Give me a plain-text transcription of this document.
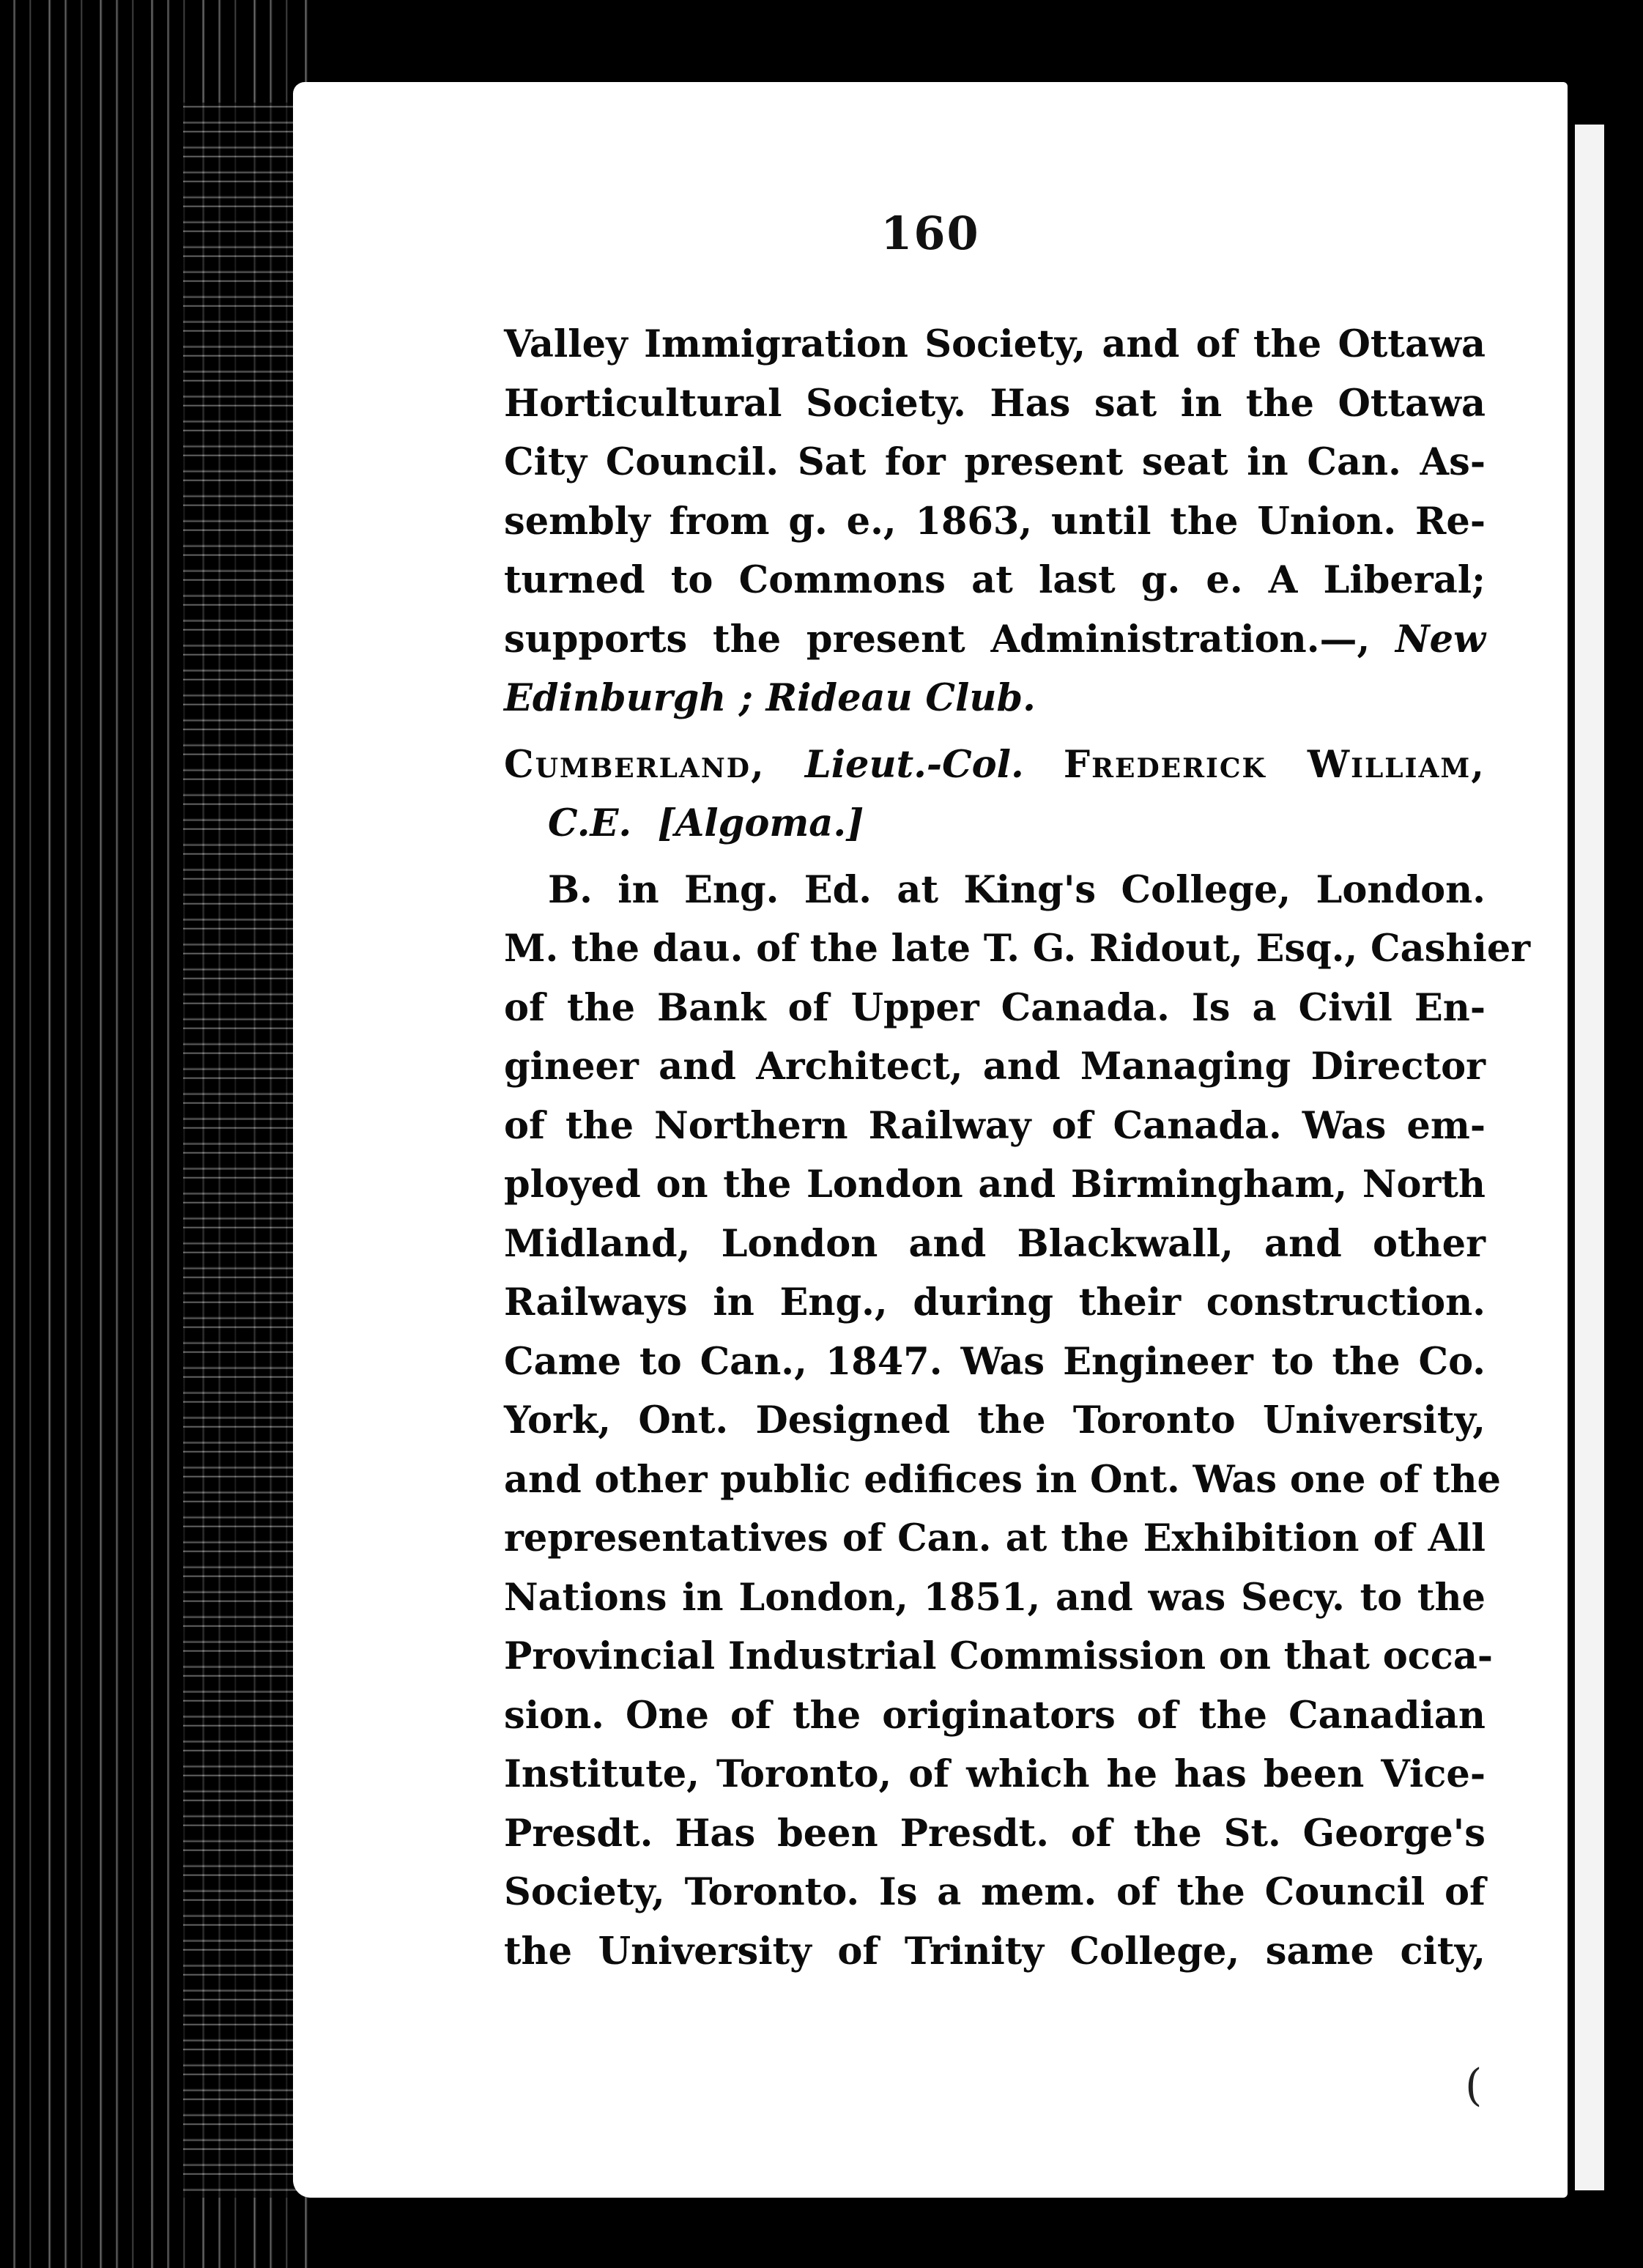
160
Valley Immigration Society, and of the Ottawa
Horticultural Society. Has sat in the Ottawa
City Council. Sat for present seat in Can. As-
sembly from g. e., 1863, until the Union. Re-
turned to Commons at last g. e. A Liberal;
supports the present Administration.—, New
Edinburgh ; Rideau Club.
Cumberland, Lieut.-Col. Frederick William,
C.E. [Algoma.]
B. in Eng. Ed. at King's College, London.
M. the dau. of the late T. G. Ridout, Esq., Cashier
of the Bank of Upper Canada. Is a Civil En-
gineer and Architect, and Managing Director
of the Northern Railway of Canada. Was em-
ployed on the London and Birmingham, North
Midland, London and Blackwall, and other
Railways in Eng., during their construction.
Came to Can., 1847. Was Engineer to the Co.
York, Ont. Designed the Toronto University,
and other public edifices in Ont. Was one of the
representatives of Can. at the Exhibition of All
Nations in London, 1851, and was Secy. to the
Provincial Industrial Commission on that occa-
sion. One of the originators of the Canadian
Institute, Toronto, of which he has been Vice-
Presdt. Has been Presdt. of the St. George's
Society, Toronto. Is a mem. of the Council of
the University of Trinity College, same city,
(
